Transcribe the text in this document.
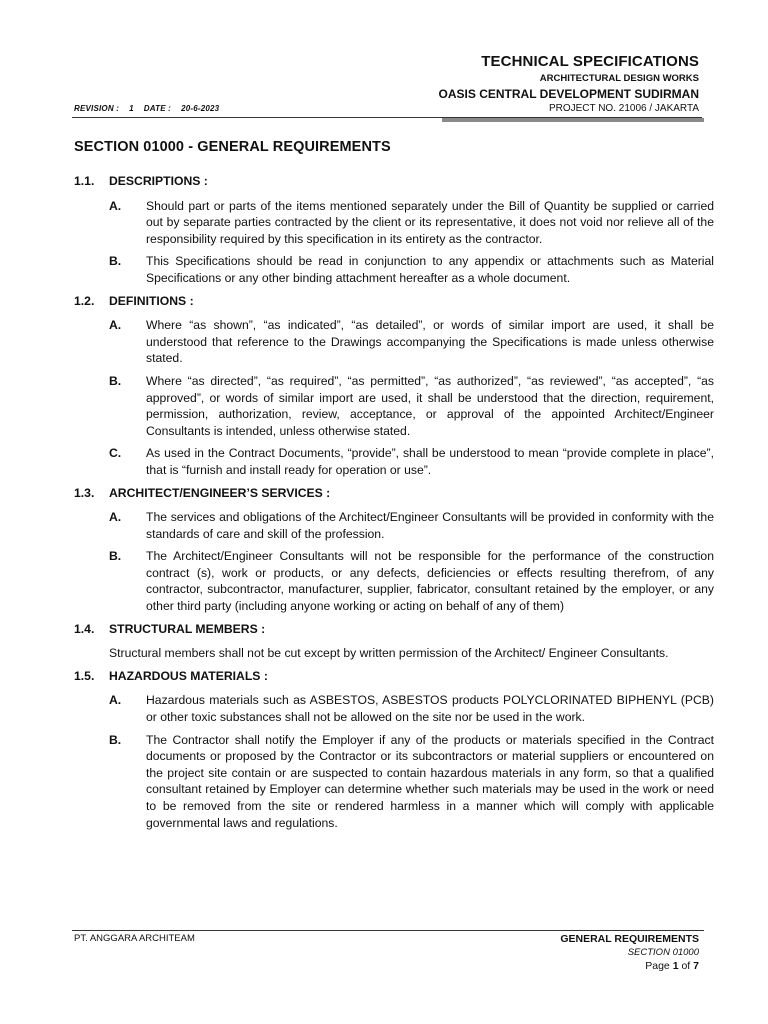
TECHNICAL SPECIFICATIONS
ARCHITECTURAL DESIGN WORKS
OASIS CENTRAL DEVELOPMENT SUDIRMAN
REVISION : 1 DATE : 20-6-2023	PROJECT NO. 21006 / JAKARTA
SECTION 01000 - GENERAL REQUIREMENTS
1.1.	DESCRIPTIONS :
A.	Should part or parts of the items mentioned separately under the Bill of Quantity be supplied or carried out by separate parties contracted by the client or its representative, it does not void nor relieve all of the responsibility required by this specification in its entirety as the contractor.
B.	This Specifications should be read in conjunction to any appendix or attachments such as Material Specifications or any other binding attachment hereafter as a whole document.
1.2.	DEFINITIONS :
A.	Where “as shown”, “as indicated”, “as detailed”, or words of similar import are used, it shall be understood that reference to the Drawings accompanying the Specifications is made unless otherwise stated.
B.	Where “as directed”, “as required”, “as permitted”, “as authorized”, “as reviewed”, “as accepted”, “as approved”, or words of similar import are used, it shall be understood that the direction, requirement, permission, authorization, review, acceptance, or approval of the appointed Architect/Engineer Consultants is intended, unless otherwise stated.
C.	As used in the Contract Documents, “provide”, shall be understood to mean “provide complete in place”, that is “furnish and install ready for operation or use”.
1.3.	ARCHITECT/ENGINEER’S SERVICES :
A.	The services and obligations of the Architect/Engineer Consultants will be provided in conformity with the standards of care and skill of the profession.
B.	The Architect/Engineer Consultants will not be responsible for the performance of the construction contract (s), work or products, or any defects, deficiencies or effects resulting therefrom, of any contractor, subcontractor, manufacturer, supplier, fabricator, consultant retained by the employer, or any other third party (including anyone working or acting on behalf of any of them)
1.4.	STRUCTURAL MEMBERS :
Structural members shall not be cut except by written permission of the Architect/ Engineer Consultants.
1.5.	HAZARDOUS MATERIALS :
A.	Hazardous materials such as ASBESTOS, ASBESTOS products POLYCLORINATED BIPHENYL (PCB) or other toxic substances shall not be allowed on the site nor be used in the work.
B.	The Contractor shall notify the Employer if any of the products or materials specified in the Contract documents or proposed by the Contractor or its subcontractors or material suppliers or encountered on the project site contain or are suspected to contain hazardous materials in any form, so that a qualified consultant retained by Employer can determine whether such materials may be used in the work or need to be removed from the site or rendered harmless in a manner which will comply with applicable governmental laws and regulations.
PT. ANGGARA ARCHITEAM	GENERAL REQUIREMENTS
SECTION 01000
Page 1 of 7
